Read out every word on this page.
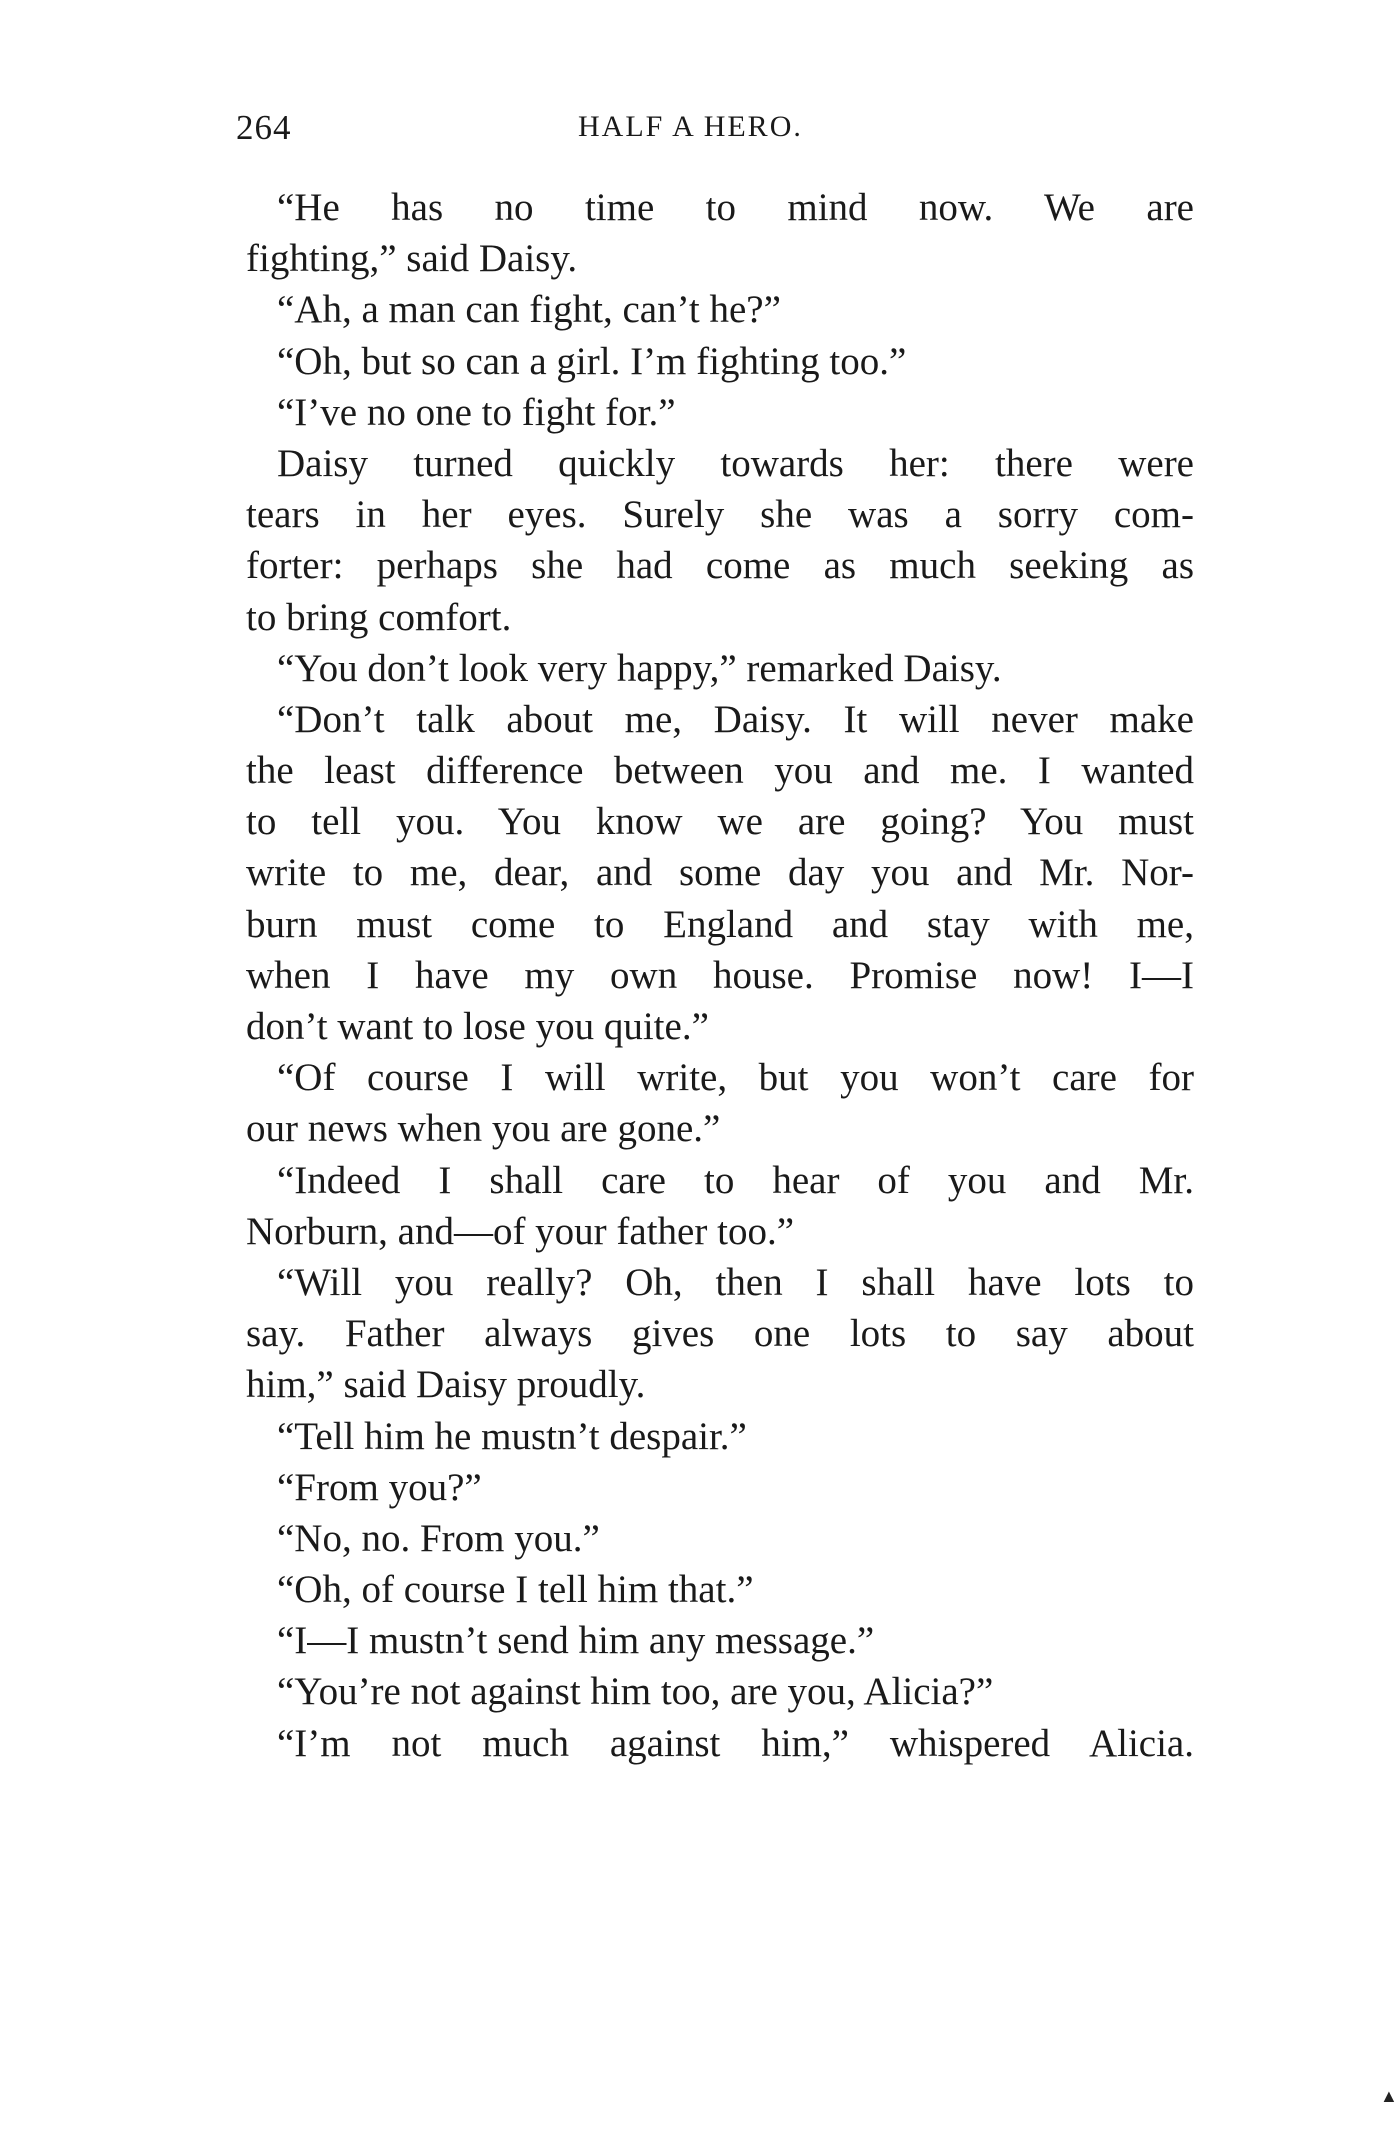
264	HALF A HERO.
“He has no time to mind now. We are
fighting,” said Daisy.
“Ah, a man can fight, can’t he?”
“Oh, but so can a girl. I’m fighting too.”
“I’ve no one to fight for.”
Daisy turned quickly towards her: there were
tears in her eyes. Surely she was a sorry com-
forter: perhaps she had come as much seeking as
to bring comfort.
“You don’t look very happy,” remarked Daisy.
“Don’t talk about me, Daisy. It will never make
the least difference between you and me. I wanted
to tell you. You know we are going? You must
write to me, dear, and some day you and Mr. Nor-
burn must come to England and stay with me,
when I have my own house. Promise now! I—I
don’t want to lose you quite.”
“Of course I will write, but you won’t care for
our news when you are gone.”
“Indeed I shall care to hear of you and Mr.
Norburn, and—of your father too.”
“Will you really? Oh, then I shall have lots to
say. Father always gives one lots to say about
him,” said Daisy proudly.
“Tell him he mustn’t despair.”
“From you?”
“No, no. From you.”
“Oh, of course I tell him that.”
“I—I mustn’t send him any message.”
“You’re not against him too, are you, Alicia?”
“I’m not much against him,” whispered Alicia.
▲
